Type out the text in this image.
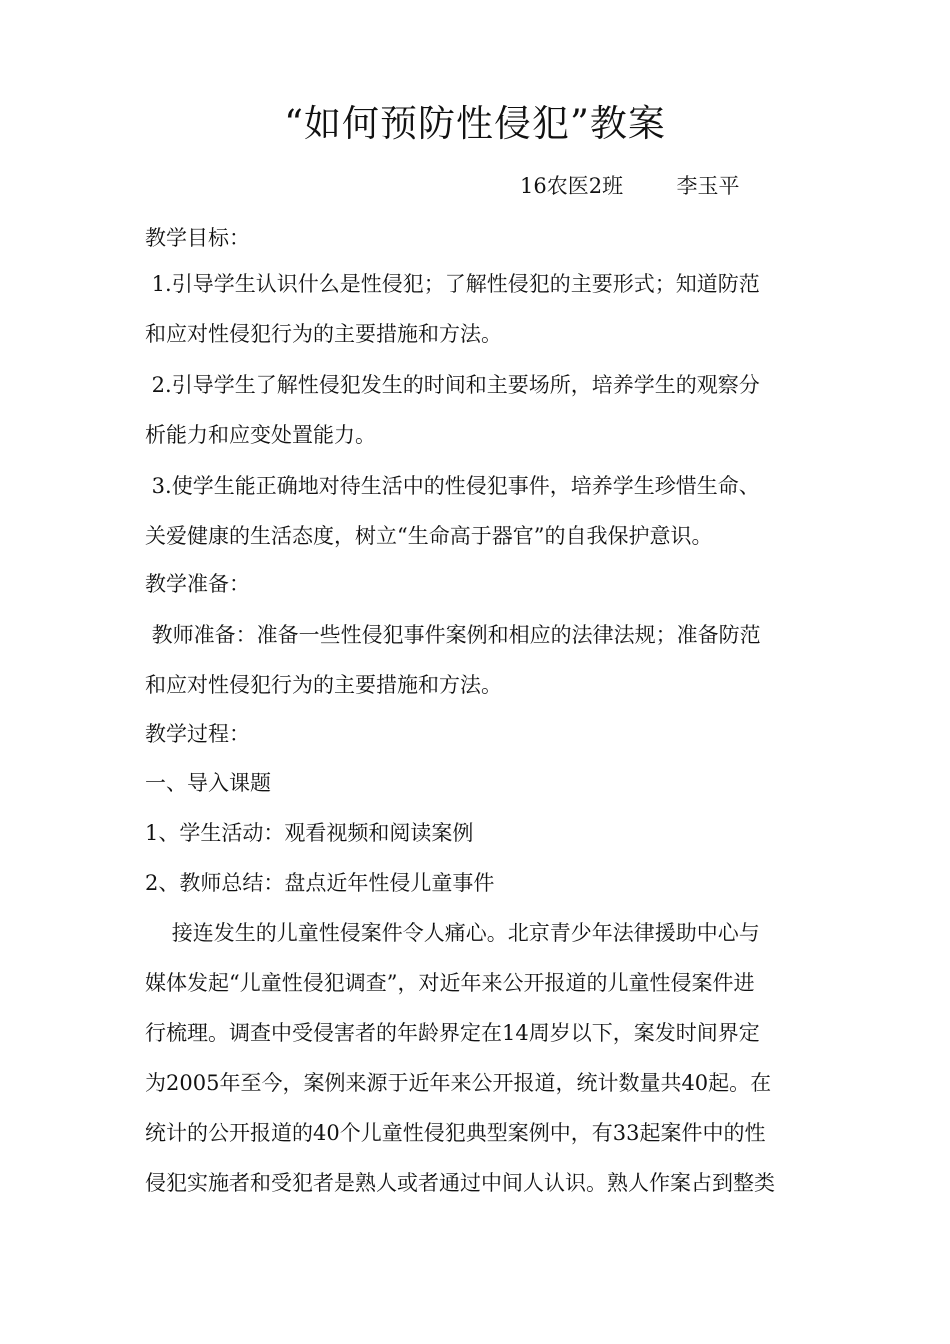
“如何预防性侵犯”教案
16农医2班        李玉平
教学目标：
1.引导学生认识什么是性侵犯；了解性侵犯的主要形式；知道防范
和应对性侵犯行为的主要措施和方法。
2.引导学生了解性侵犯发生的时间和主要场所，培养学生的观察分
析能力和应变处置能力。
3.使学生能正确地对待生活中的性侵犯事件，培养学生珍惜生命、
关爱健康的生活态度，树立“生命高于器官”的自我保护意识。
教学准备：
教师准备：准备一些性侵犯事件案例和相应的法律法规；准备防范
和应对性侵犯行为的主要措施和方法。
教学过程：
一、导入课题
1、学生活动：观看视频和阅读案例
2、教师总结：盘点近年性侵儿童事件
接连发生的儿童性侵案件令人痛心。北京青少年法律援助中心与
媒体发起“儿童性侵犯调查”，对近年来公开报道的儿童性侵案件进
行梳理。调查中受侵害者的年龄界定在14周岁以下，案发时间界定
为2005年至今，案例来源于近年来公开报道，统计数量共40起。在
统计的公开报道的40个儿童性侵犯典型案例中，有33起案件中的性
侵犯实施者和受犯者是熟人或者通过中间人认识。熟人作案占到整类
